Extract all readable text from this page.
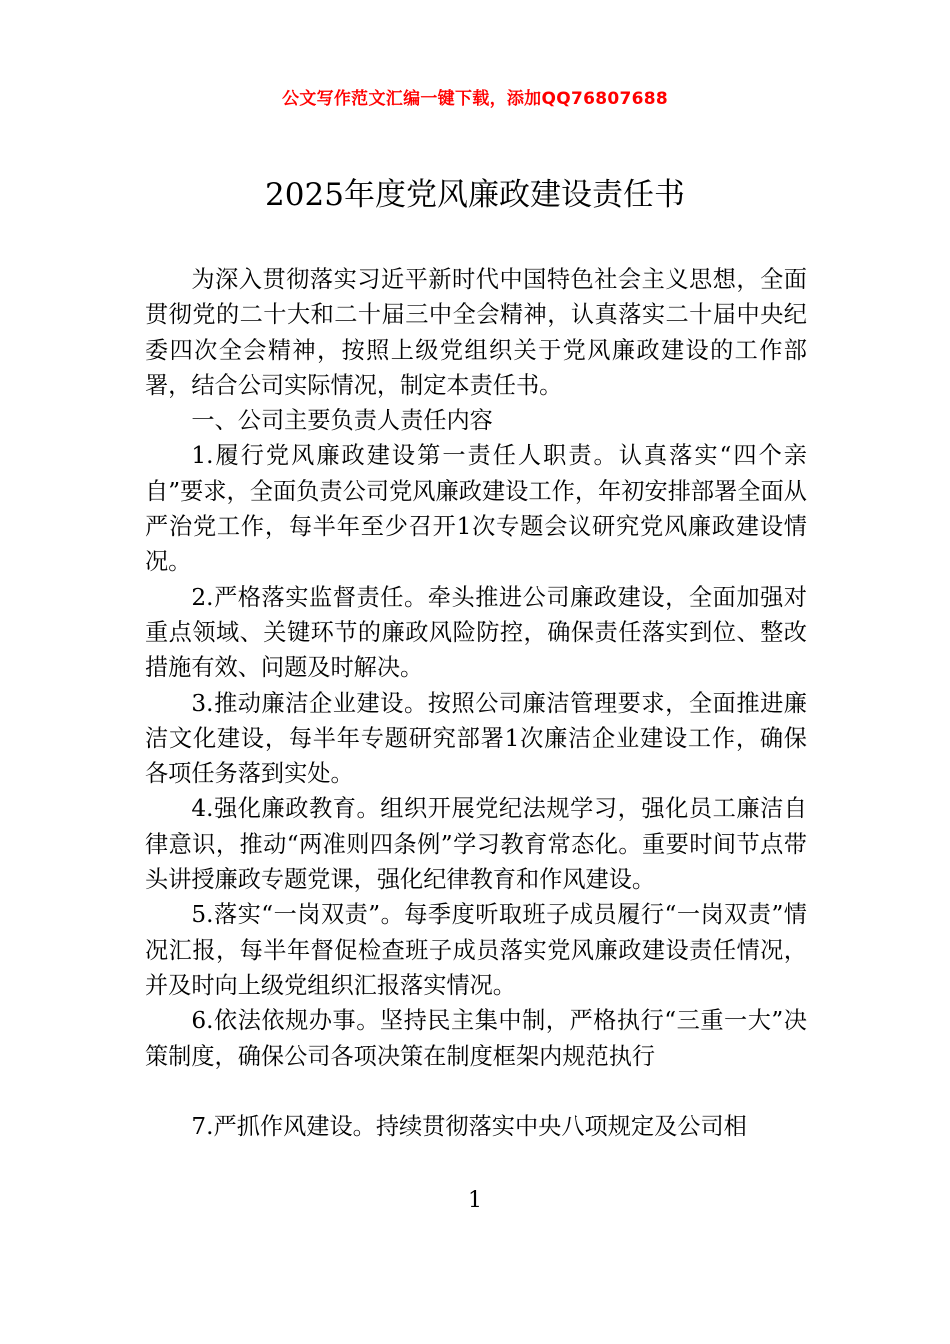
公文写作范文汇编一键下载，添加QQ76807688
2025年度党风廉政建设责任书

为深入贯彻落实习近平新时代中国特色社会主义思想，全面贯彻党的二十大和二十届三中全会精神，认真落实二十届中央纪委四次全会精神，按照上级党组织关于党风廉政建设的工作部署，结合公司实际情况，制定本责任书。

一、公司主要负责人责任内容

1.履行党风廉政建设第一责任人职责。认真落实“四个亲自”要求，全面负责公司党风廉政建设工作，年初安排部署全面从严治党工作，每半年至少召开1次专题会议研究党风廉政建设情况。

2.严格落实监督责任。牵头推进公司廉政建设，全面加强对重点领域、关键环节的廉政风险防控，确保责任落实到位、整改措施有效、问题及时解决。

3.推动廉洁企业建设。按照公司廉洁管理要求，全面推进廉洁文化建设，每半年专题研究部署1次廉洁企业建设工作，确保各项任务落到实处。

4.强化廉政教育。组织开展党纪法规学习，强化员工廉洁自律意识，推动“两准则四条例”学习教育常态化。重要时间节点带头讲授廉政专题党课，强化纪律教育和作风建设。

5.落实“一岗双责”。每季度听取班子成员履行“一岗双责”情况汇报，每半年督促检查班子成员落实党风廉政建设责任情况，并及时向上级党组织汇报落实情况。

6.依法依规办事。坚持民主集中制，严格执行“三重一大”决策制度，确保公司各项决策在制度框架内规范执行

7.严抓作风建设。持续贯彻落实中央八项规定及公司相

1
